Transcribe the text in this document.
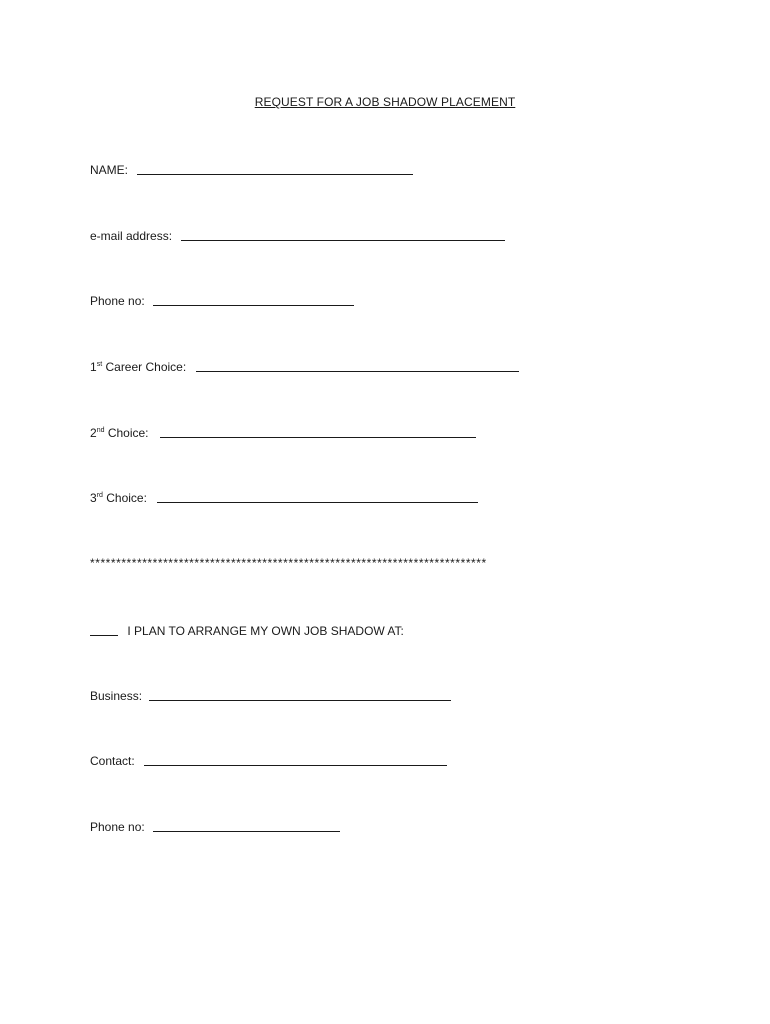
REQUEST FOR A JOB SHADOW PLACEMENT
NAME:
e-mail address:
Phone no:
1st Career Choice:
2nd Choice:
3rd Choice:
****************************************************************************
I PLAN TO ARRANGE MY OWN JOB SHADOW AT:
Business:
Contact:
Phone no:
